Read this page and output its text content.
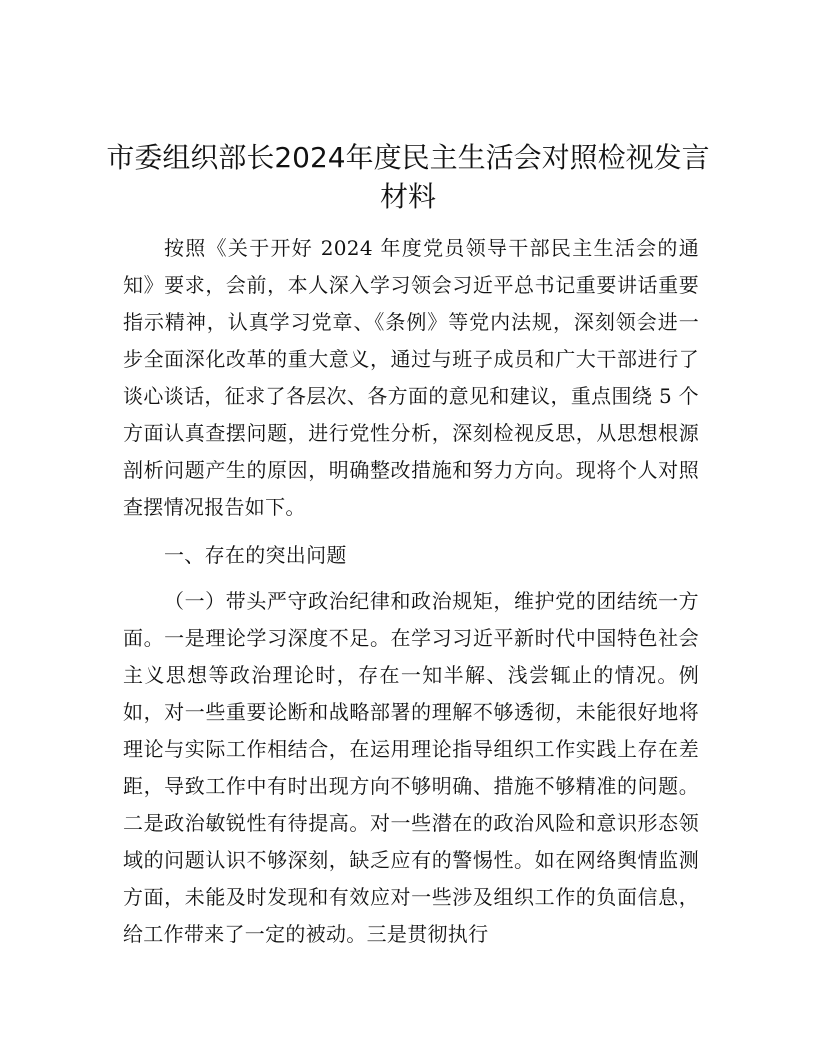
市委组织部长2024年度民主生活会对照检视发言材料

按照《关于开好 2024 年度党员领导干部民主生活会的通知》要求，会前，本人深入学习领会习近平总书记重要讲话重要指示精神，认真学习党章、《条例》等党内法规，深刻领会进一步全面深化改革的重大意义，通过与班子成员和广大干部进行了谈心谈话，征求了各层次、各方面的意见和建议，重点围绕 5 个方面认真查摆问题，进行党性分析，深刻检视反思，从思想根源剖析问题产生的原因，明确整改措施和努力方向。现将个人对照查摆情况报告如下。

一、存在的突出问题

（一）带头严守政治纪律和政治规矩，维护党的团结统一方面。一是理论学习深度不足。在学习习近平新时代中国特色社会主义思想等政治理论时，存在一知半解、浅尝辄止的情况。例如，对一些重要论断和战略部署的理解不够透彻，未能很好地将理论与实际工作相结合，在运用理论指导组织工作实践上存在差距，导致工作中有时出现方向不够明确、措施不够精准的问题。二是政治敏锐性有待提高。对一些潜在的政治风险和意识形态领域的问题认识不够深刻，缺乏应有的警惕性。如在网络舆情监测方面，未能及时发现和有效应对一些涉及组织工作的负面信息，给工作带来了一定的被动。三是贯彻执行
